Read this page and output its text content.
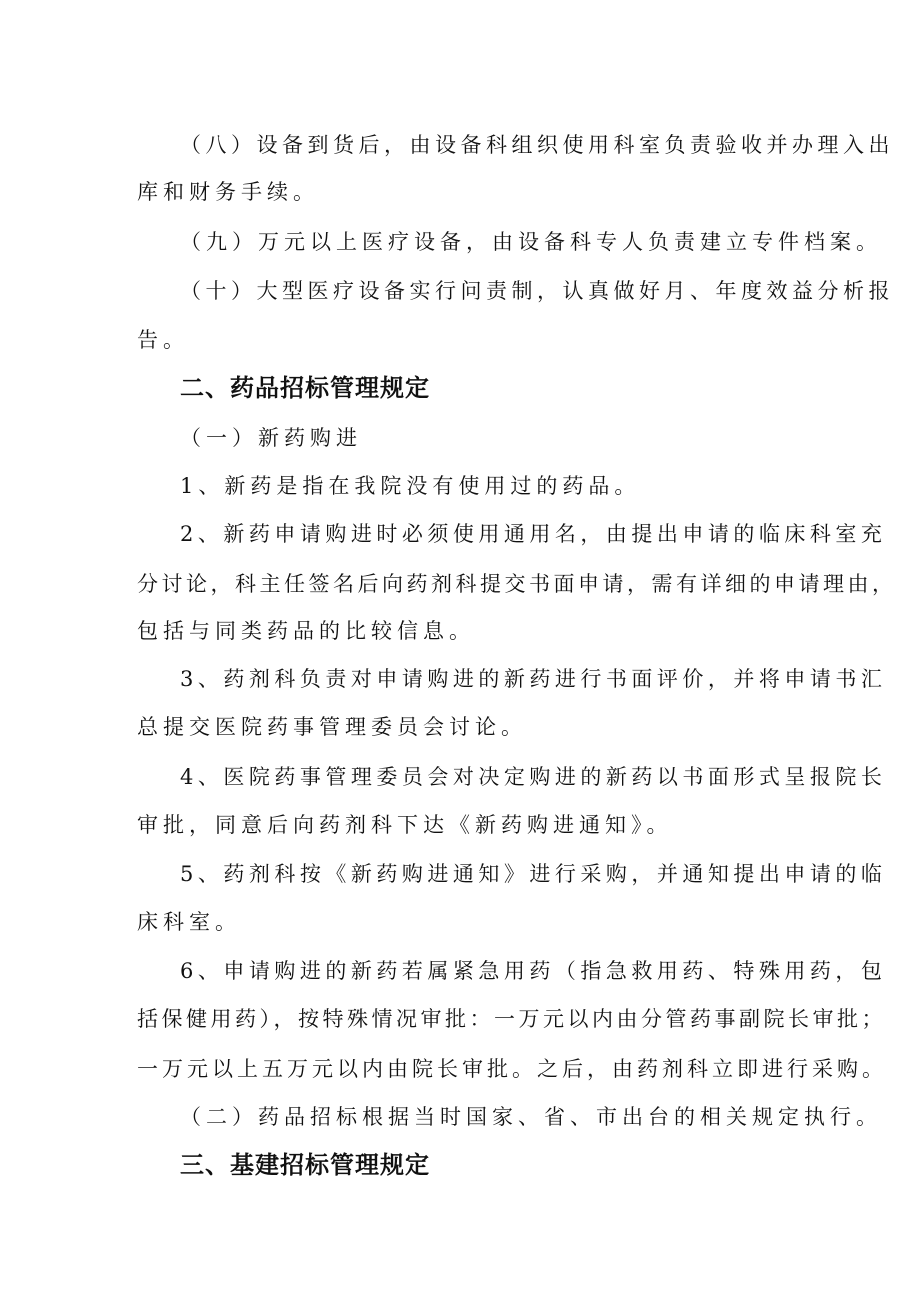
（八）设备到货后，由设备科组织使用科室负责验收并办理入出

库和财务手续。

（九）万元以上医疗设备，由设备科专人负责建立专件档案。

（十）大型医疗设备实行问责制，认真做好月、年度效益分析报

告。

二、药品招标管理规定

（一）新药购进

1、新药是指在我院没有使用过的药品。

2、新药申请购进时必须使用通用名，由提出申请的临床科室充

分讨论，科主任签名后向药剂科提交书面申请，需有详细的申请理由，

包括与同类药品的比较信息。

3、药剂科负责对申请购进的新药进行书面评价，并将申请书汇

总提交医院药事管理委员会讨论。

4、医院药事管理委员会对决定购进的新药以书面形式呈报院长

审批，同意后向药剂科下达《新药购进通知》。

5、药剂科按《新药购进通知》进行采购，并通知提出申请的临

床科室。

6、申请购进的新药若属紧急用药（指急救用药、特殊用药，包

括保健用药），按特殊情况审批：一万元以内由分管药事副院长审批；

一万元以上五万元以内由院长审批。之后，由药剂科立即进行采购。

（二）药品招标根据当时国家、省、市出台的相关规定执行。

三、基建招标管理规定
